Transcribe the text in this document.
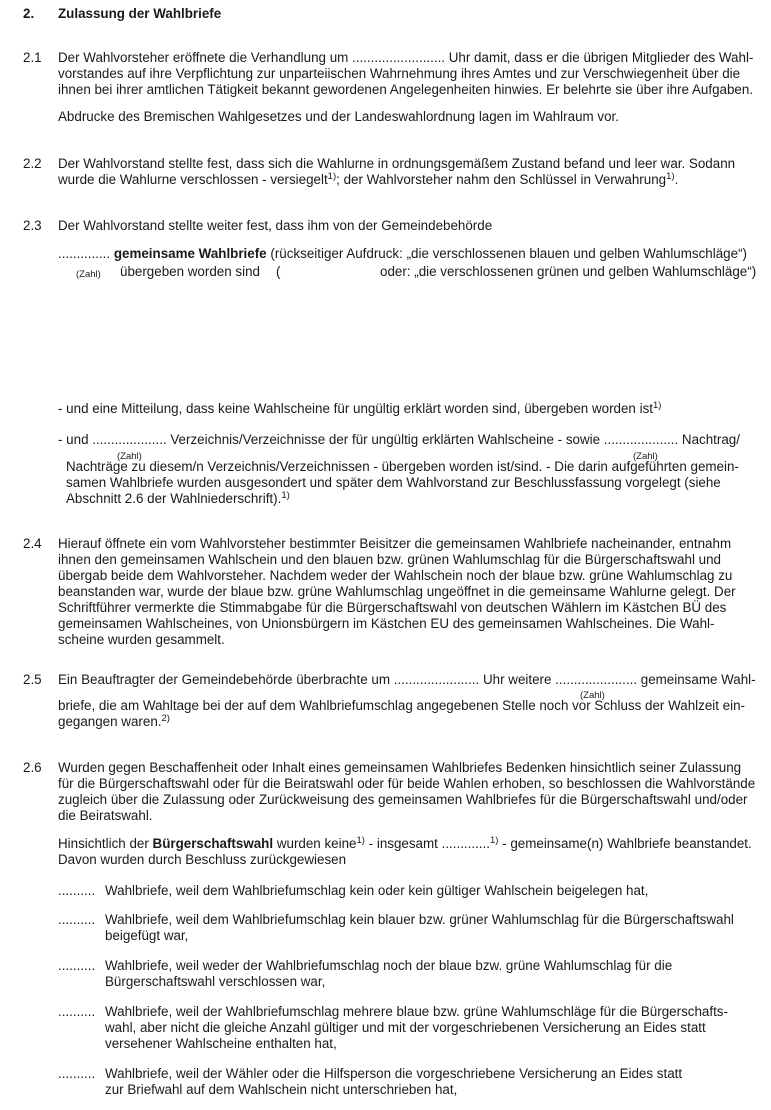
2. Zulassung der Wahlbriefe
2.1 Der Wahlvorsteher eröffnete die Verhandlung um ......................... Uhr damit, dass er die übrigen Mitglieder des Wahl-
vorstandes auf ihre Verpflichtung zur unparteiischen Wahrnehmung ihres Amtes und zur Verschwiegenheit über die
ihnen bei ihrer amtlichen Tätigkeit bekannt gewordenen Angelegenheiten hinwies. Er belehrte sie über ihre Aufgaben.
Abdrucke des Bremischen Wahlgesetzes und der Landeswahlordnung lagen im Wahlraum vor.
2.2 Der Wahlvorstand stellte fest, dass sich die Wahlurne in ordnungsgemäßem Zustand befand und leer war. Sodann
wurde die Wahlurne verschlossen - versiegelt$^{1)}$; der Wahlvorsteher nahm den Schlüssel in Verwahrung$^{1)}$.
2.3 Der Wahlvorstand stellte weiter fest, dass ihm von der Gemeindebehörde
.............. gemeinsame Wahlbriefe (rückseitiger Aufdruck: „die verschlossenen blauen und gelben Wahlumschläge“)
(Zahl) übergeben worden sind (	oder: „die verschlossenen grünen und gelben Wahlumschläge“)
- und eine Mitteilung, dass keine Wahlscheine für ungültig erklärt worden sind, übergeben worden ist$^{1)}$
- und .................... Verzeichnis/Verzeichnisse der für ungültig erklärten Wahlscheine - sowie .................... Nachtrag/
(Zahl)	(Zahl)
Nachträge zu diesem/n Verzeichnis/Verzeichnissen - übergeben worden ist/sind. - Die darin aufgeführten gemein-
samen Wahlbriefe wurden ausgesondert und später dem Wahlvorstand zur Beschlussfassung vorgelegt (siehe
Abschnitt 2.6 der Wahlniederschrift).$^{1)}$
2.4 Hierauf öffnete ein vom Wahlvorsteher bestimmter Beisitzer die gemeinsamen Wahlbriefe nacheinander, entnahm
ihnen den gemeinsamen Wahlschein und den blauen bzw. grünen Wahlumschlag für die Bürgerschaftswahl und
übergab beide dem Wahlvorsteher. Nachdem weder der Wahlschein noch der blaue bzw. grüne Wahlumschlag zu
beanstanden war, wurde der blaue bzw. grüne Wahlumschlag ungeöffnet in die gemeinsame Wahlurne gelegt. Der
Schriftführer vermerkte die Stimmabgabe für die Bürgerschaftswahl von deutschen Wählern im Kästchen BÜ des
gemeinsamen Wahlscheines, von Unionsbürgern im Kästchen EU des gemeinsamen Wahlscheines. Die Wahl-
scheine wurden gesammelt.
2.5 Ein Beauftragter der Gemeindebehörde überbrachte um ....................... Uhr weitere ...................... gemeinsame Wahl-
(Zahl)
briefe, die am Wahltage bei der auf dem Wahlbriefumschlag angegebenen Stelle noch vor Schluss der Wahlzeit ein-
gegangen waren.$^{2)}$
2.6 Wurden gegen Beschaffenheit oder Inhalt eines gemeinsamen Wahlbriefes Bedenken hinsichtlich seiner Zulassung
für die Bürgerschaftswahl oder für die Beiratswahl oder für beide Wahlen erhoben, so beschlossen die Wahlvorstände
zugleich über die Zulassung oder Zurückweisung des gemeinsamen Wahlbriefes für die Bürgerschaftswahl und/oder
die Beiratswahl.
Hinsichtlich der Bürgerschaftswahl wurden keine$^{1)}$ - insgesamt .............$^{1)}$ - gemeinsame(n) Wahlbriefe beanstandet.
Davon wurden durch Beschluss zurückgewiesen
.......... Wahlbriefe, weil dem Wahlbriefumschlag kein oder kein gültiger Wahlschein beigelegen hat,
.......... Wahlbriefe, weil dem Wahlbriefumschlag kein blauer bzw. grüner Wahlumschlag für die Bürgerschaftswahl
beigefügt war,
.......... Wahlbriefe, weil weder der Wahlbriefumschlag noch der blaue bzw. grüne Wahlumschlag für die
Bürgerschaftswahl verschlossen war,
.......... Wahlbriefe, weil der Wahlbriefumschlag mehrere blaue bzw. grüne Wahlumschläge für die Bürgerschafts-
wahl, aber nicht die gleiche Anzahl gültiger und mit der vorgeschriebenen Versicherung an Eides statt
versehener Wahlscheine enthalten hat,
.......... Wahlbriefe, weil der Wähler oder die Hilfsperson die vorgeschriebene Versicherung an Eides statt
zur Briefwahl auf dem Wahlschein nicht unterschrieben hat,
